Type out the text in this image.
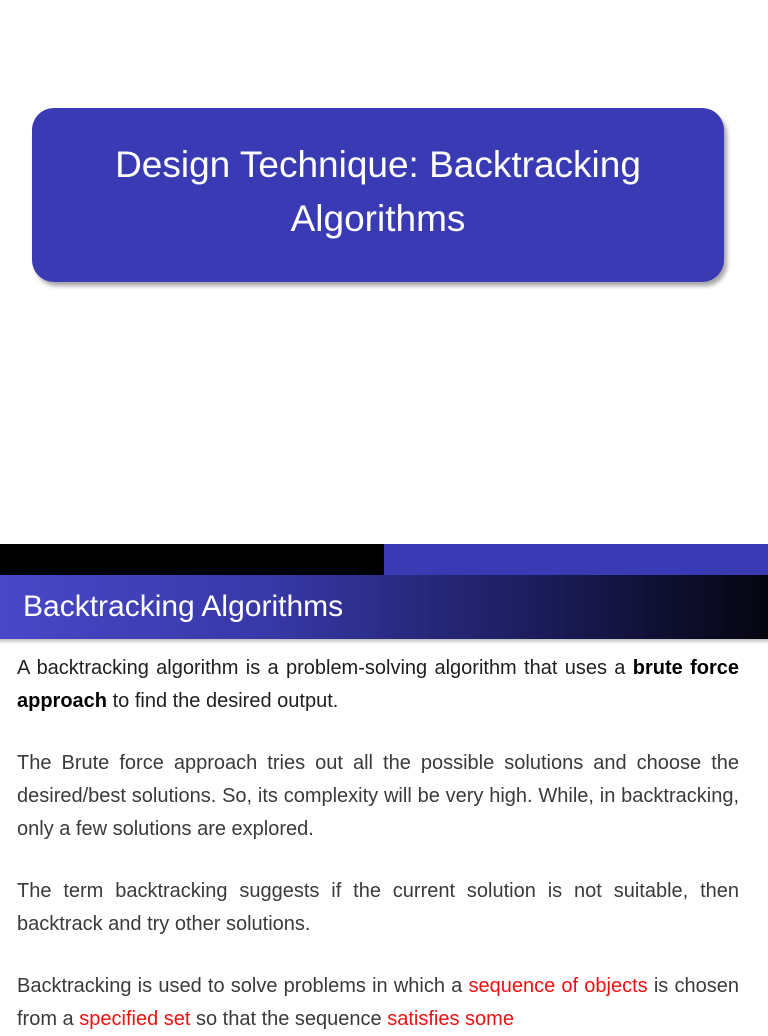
Design Technique: Backtracking Algorithms
Backtracking Algorithms

A backtracking algorithm is a problem-solving algorithm that uses a brute force approach to find the desired output.

The Brute force approach tries out all the possible solutions and choose the desired/best solutions. So, its complexity will be very high. While, in backtracking, only a few solutions are explored.

The term backtracking suggests if the current solution is not suitable, then backtrack and try other solutions.

Backtracking is used to solve problems in which a sequence of objects is chosen from a specified set so that the sequence satisfies some
